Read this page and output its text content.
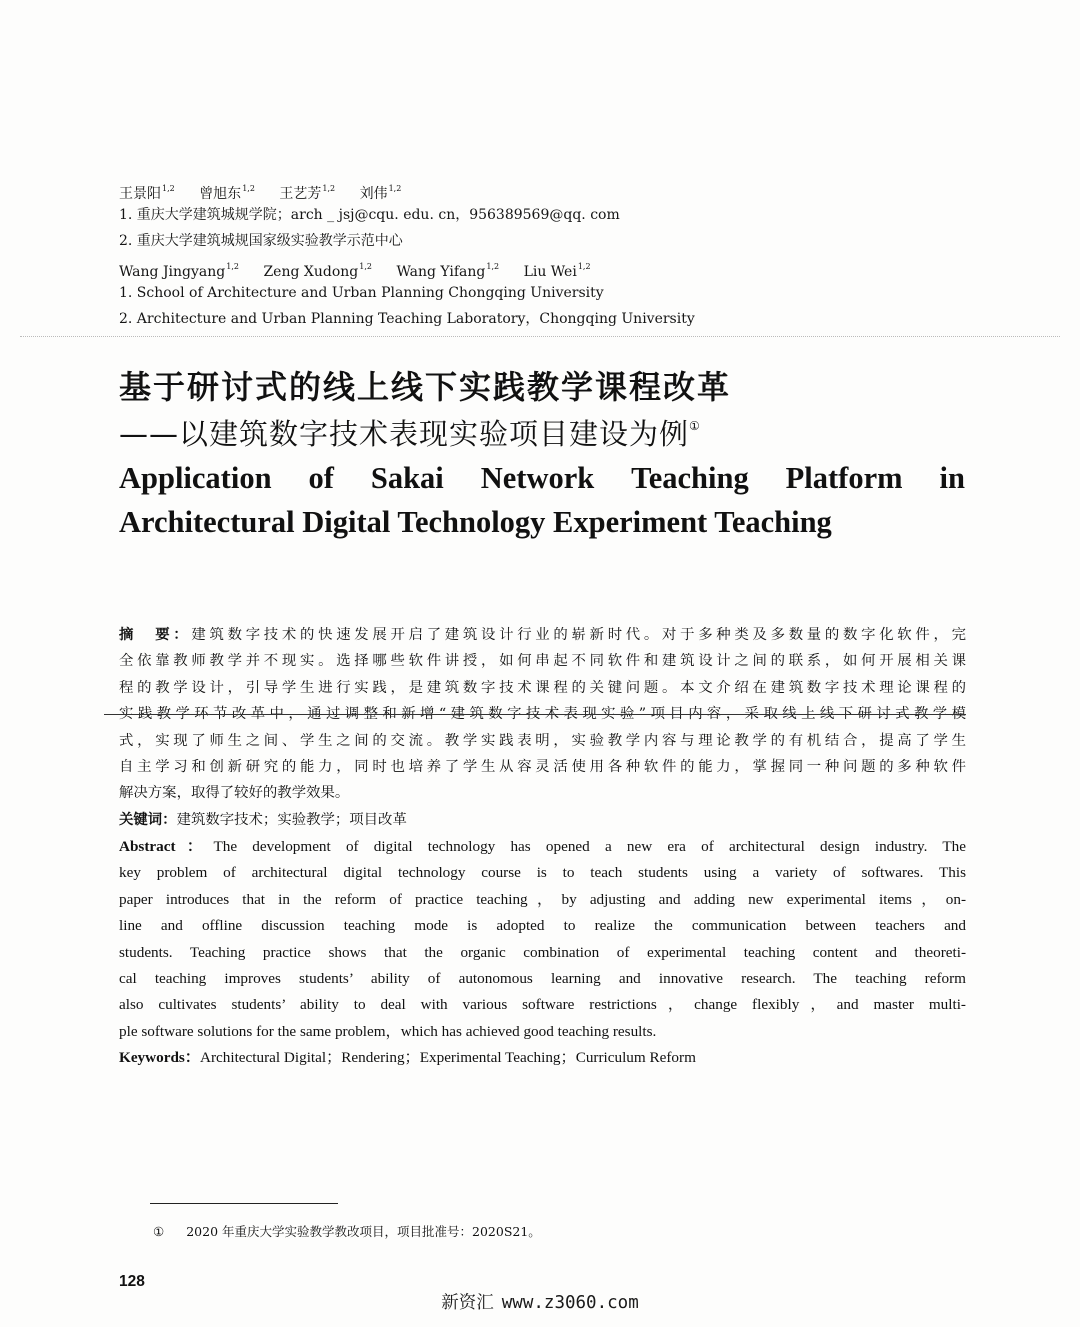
王景阳$^{1,2}$ 曾旭东$^{1,2}$ 王艺芳$^{1,2}$ 刘伟$^{1,2}$
1. 重庆大学建筑城规学院；arch _ jsj@cqu. edu. cn，956389569@qq. com
2. 重庆大学建筑城规国家级实验教学示范中心
Wang Jingyang$^{1,2}$ Zeng Xudong$^{1,2}$ Wang Yifang$^{1,2}$ Liu Wei$^{1,2}$
1. School of Architecture and Urban Planning Chongqing University
2. Architecture and Urban Planning Teaching Laboratory，Chongqing University
基于研讨式的线上线下实践教学课程改革
——以建筑数字技术表现实验项目建设为例①
Application of Sakai Network Teaching Platform in
Architectural Digital Technology Experiment Teaching
摘　要：建筑数字技术的快速发展开启了建筑设计行业的崭新时代。对于多种类及多数量的数字化软件，完
全依靠教师教学并不现实。选择哪些软件讲授，如何串起不同软件和建筑设计之间的联系，如何开展相关课
程的教学设计，引导学生进行实践，是建筑数字技术课程的关键问题。本文介绍在建筑数字技术理论课程的
实践教学环节改革中，通过调整和新增“建筑数字技术表现实验”项目内容，采取线上线下研讨式教学模
式，实现了师生之间、学生之间的交流。教学实践表明，实验教学内容与理论教学的有机结合，提高了学生
自主学习和创新研究的能力，同时也培养了学生从容灵活使用各种软件的能力，掌握同一种问题的多种软件
解决方案，取得了较好的教学效果。
关键词：建筑数字技术；实验教学；项目改革
Abstract：The development of digital technology has opened a new era of architectural design industry. The
key problem of architectural digital technology course is to teach students using a variety of softwares. This
paper introduces that in the reform of practice teaching，by adjusting and adding new experimental items，on-
line and offline discussion teaching mode is adopted to realize the communication between teachers and
students. Teaching practice shows that the organic combination of experimental teaching content and theoreti-
cal teaching improves students’ ability of autonomous learning and innovative research. The teaching reform
also cultivates students’ ability to deal with various software restrictions，change flexibly，and master multi-
ple software solutions for the same problem，which has achieved good teaching results.
Keywords：Architectural Digital；Rendering；Experimental Teaching；Curriculum Reform
① 2020 年重庆大学实验教学教改项目，项目批准号：2020S21。
128
新资汇 www.z3060.com
